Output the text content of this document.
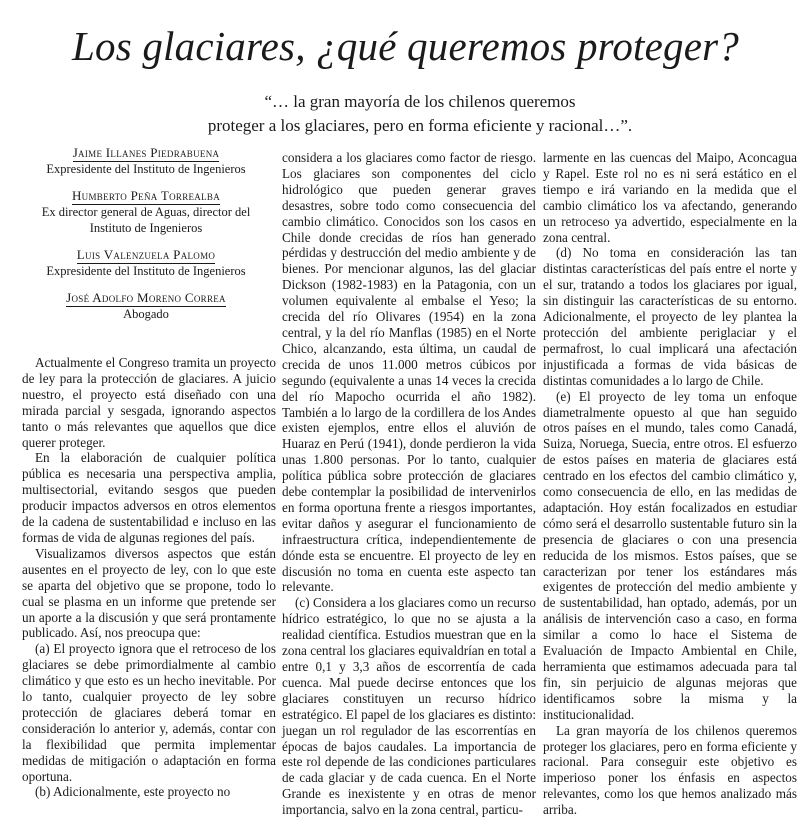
Los glaciares, ¿qué queremos proteger?
“… la gran mayoría de los chilenos queremos
proteger a los glaciares, pero en forma eficiente y racional…”.
Jaime Illanes Piedrabuena
Expresidente del Instituto de Ingenieros
Humberto Peña Torrealba
Ex director general de Aguas, director del Instituto de Ingenieros
Luis Valenzuela Palomo
Expresidente del Instituto de Ingenieros
José Adolfo Moreno Correa
Abogado

Actualmente el Congreso tramita un proyecto de ley para la protección de glaciares. A juicio nuestro, el proyecto está diseñado con una mirada parcial y sesgada, ignorando aspectos tanto o más relevantes que aquellos que dice querer proteger.

En la elaboración de cualquier política pública es necesaria una perspectiva amplia, multisectorial, evitando sesgos que pueden producir impactos adversos en otros elementos de la cadena de sustentabilidad e incluso en las formas de vida de algunas regiones del país.

Visualizamos diversos aspectos que están ausentes en el proyecto de ley, con lo que este se aparta del objetivo que se propone, todo lo cual se plasma en un informe que pretende ser un aporte a la discusión y que será prontamente publicado. Así, nos preocupa que:

(a) El proyecto ignora que el retroceso de los glaciares se debe primordialmente al cambio climático y que esto es un hecho inevitable. Por lo tanto, cualquier proyecto de ley sobre protección de glaciares deberá tomar en consideración lo anterior y, además, contar con la flexibilidad que permita implementar medidas de mitigación o adaptación en forma oportuna.

(b) Adicionalmente, este proyecto no

considera a los glaciares como factor de riesgo. Los glaciares son componentes del ciclo hidrológico que pueden generar graves desastres, sobre todo como consecuencia del cambio climático. Conocidos son los casos en Chile donde crecidas de ríos han generado pérdidas y destrucción del medio ambiente y de bienes. Por mencionar algunos, las del glaciar Dickson (1982-1983) en la Patagonia, con un volumen equivalente al embalse el Yeso; la crecida del río Olivares (1954) en la zona central, y la del río Manflas (1985) en el Norte Chico, alcanzando, esta última, un caudal de crecida de unos 11.000 metros cúbicos por segundo (equivalente a unas 14 veces la crecida del río Mapocho ocurrida el año 1982). También a lo largo de la cordillera de los Andes existen ejemplos, entre ellos el aluvión de Huaraz en Perú (1941), donde perdieron la vida unas 1.800 personas. Por lo tanto, cualquier política pública sobre protección de glaciares debe contemplar la posibilidad de intervenirlos en forma oportuna frente a riesgos importantes, evitar daños y asegurar el funcionamiento de infraestructura crítica, independientemente de dónde esta se encuentre. El proyecto de ley en discusión no toma en cuenta este aspecto tan relevante.

(c) Considera a los glaciares como un recurso hídrico estratégico, lo que no se ajusta a la realidad científica. Estudios muestran que en la zona central los glaciares equivaldrían en total a entre 0,1 y 3,3 años de escorrentía de cada cuenca. Mal puede decirse entonces que los glaciares constituyen un recurso hídrico estratégico. El papel de los glaciares es distinto: juegan un rol regulador de las escorrentías en épocas de bajos caudales. La importancia de este rol depende de las condiciones particulares de cada glaciar y de cada cuenca. En el Norte Grande es inexistente y en otras de menor importancia, salvo en la zona central, particu-

larmente en las cuencas del Maipo, Aconcagua y Rapel. Este rol no es ni será estático en el tiempo e irá variando en la medida que el cambio climático los va afectando, generando un retroceso ya advertido, especialmente en la zona central.

(d) No toma en consideración las tan distintas características del país entre el norte y el sur, tratando a todos los glaciares por igual, sin distinguir las características de su entorno. Adicionalmente, el proyecto de ley plantea la protección del ambiente periglaciar y el permafrost, lo cual implicará una afectación injustificada a formas de vida básicas de distintas comunidades a lo largo de Chile.

(e) El proyecto de ley toma un enfoque diametralmente opuesto al que han seguido otros países en el mundo, tales como Canadá, Suiza, Noruega, Suecia, entre otros. El esfuerzo de estos países en materia de glaciares está centrado en los efectos del cambio climático y, como consecuencia de ello, en las medidas de adaptación. Hoy están focalizados en estudiar cómo será el desarrollo sustentable futuro sin la presencia de glaciares o con una presencia reducida de los mismos. Estos países, que se caracterizan por tener los estándares más exigentes de protección del medio ambiente y de sustentabilidad, han optado, además, por un análisis de intervención caso a caso, en forma similar a como lo hace el Sistema de Evaluación de Impacto Ambiental en Chile, herramienta que estimamos adecuada para tal fin, sin perjuicio de algunas mejoras que identificamos sobre la misma y la institucionalidad.

La gran mayoría de los chilenos queremos proteger los glaciares, pero en forma eficiente y racional. Para conseguir este objetivo es imperioso poner los énfasis en aspectos relevantes, como los que hemos analizado más arriba.
